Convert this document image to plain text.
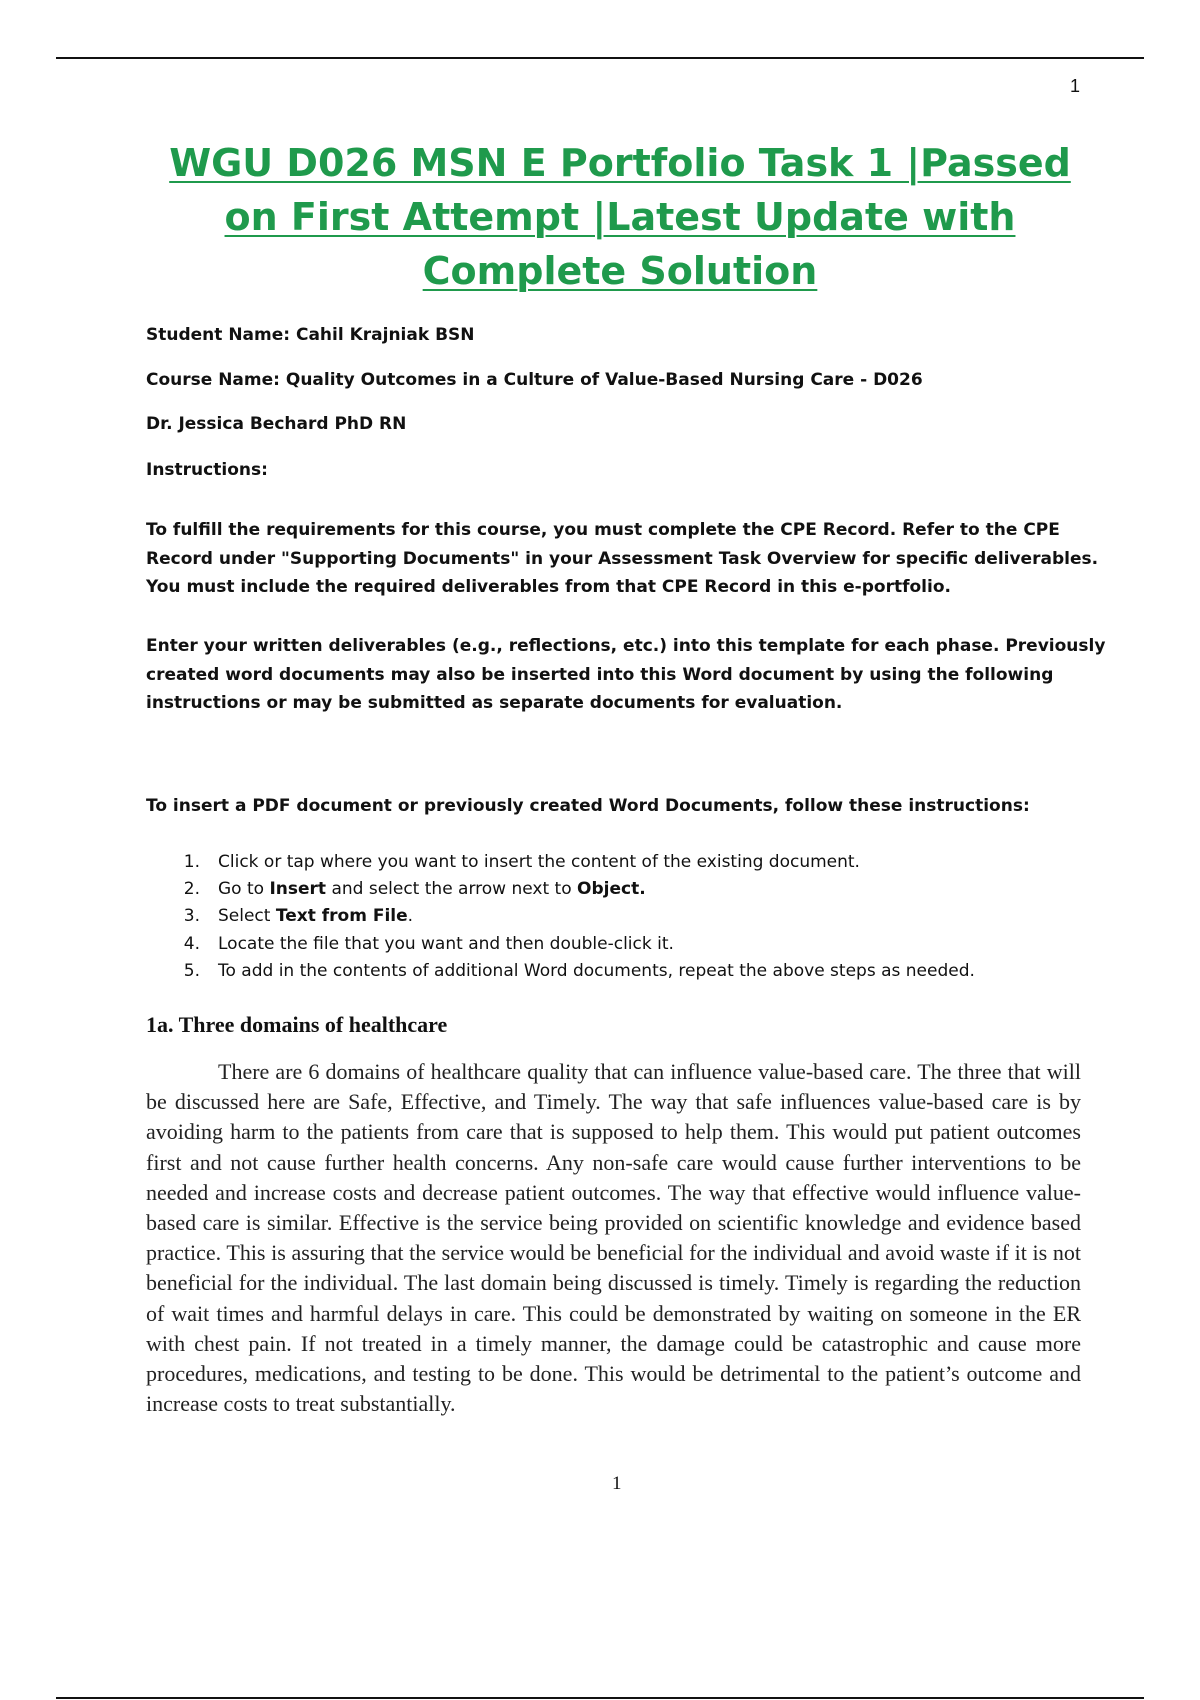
1
WGU D026 MSN E Portfolio Task 1 |Passed on First Attempt |Latest Update with Complete Solution

Student Name: Cahil Krajniak BSN

Course Name: Quality Outcomes in a Culture of Value-Based Nursing Care - D026

Dr. Jessica Bechard PhD RN

Instructions:

To fulfill the requirements for this course, you must complete the CPE Record. Refer to the CPE Record under "Supporting Documents" in your Assessment Task Overview for specific deliverables. You must include the required deliverables from that CPE Record in this e-portfolio.

Enter your written deliverables (e.g., reflections, etc.) into this template for each phase. Previously created word documents may also be inserted into this Word document by using the following instructions or may be submitted as separate documents for evaluation.

To insert a PDF document or previously created Word Documents, follow these instructions:

1.	Click or tap where you want to insert the content of the existing document.
2.	Go to Insert and select the arrow next to Object.
3.	Select Text from File.
4.	Locate the file that you want and then double-click it.
5.	To add in the contents of additional Word documents, repeat the above steps as needed.
1a. Three domains of healthcare

There are 6 domains of healthcare quality that can influence value-based care. The three that will be discussed here are Safe, Effective, and Timely. The way that safe influences value-based care is by avoiding harm to the patients from care that is supposed to help them. This would put patient outcomes first and not cause further health concerns. Any non-safe care would cause further interventions to be needed and increase costs and decrease patient outcomes. The way that effective would influence value-based care is similar. Effective is the service being provided on scientific knowledge and evidence based practice. This is assuring that the service would be beneficial for the individual and avoid waste if it is not beneficial for the individual. The last domain being discussed is timely. Timely is regarding the reduction of wait times and harmful delays in care. This could be demonstrated by waiting on someone in the ER with chest pain. If not treated in a timely manner, the damage could be catastrophic and cause more procedures, medications, and testing to be done. This would be detrimental to the patient’s outcome and increase costs to treat substantially.

1
